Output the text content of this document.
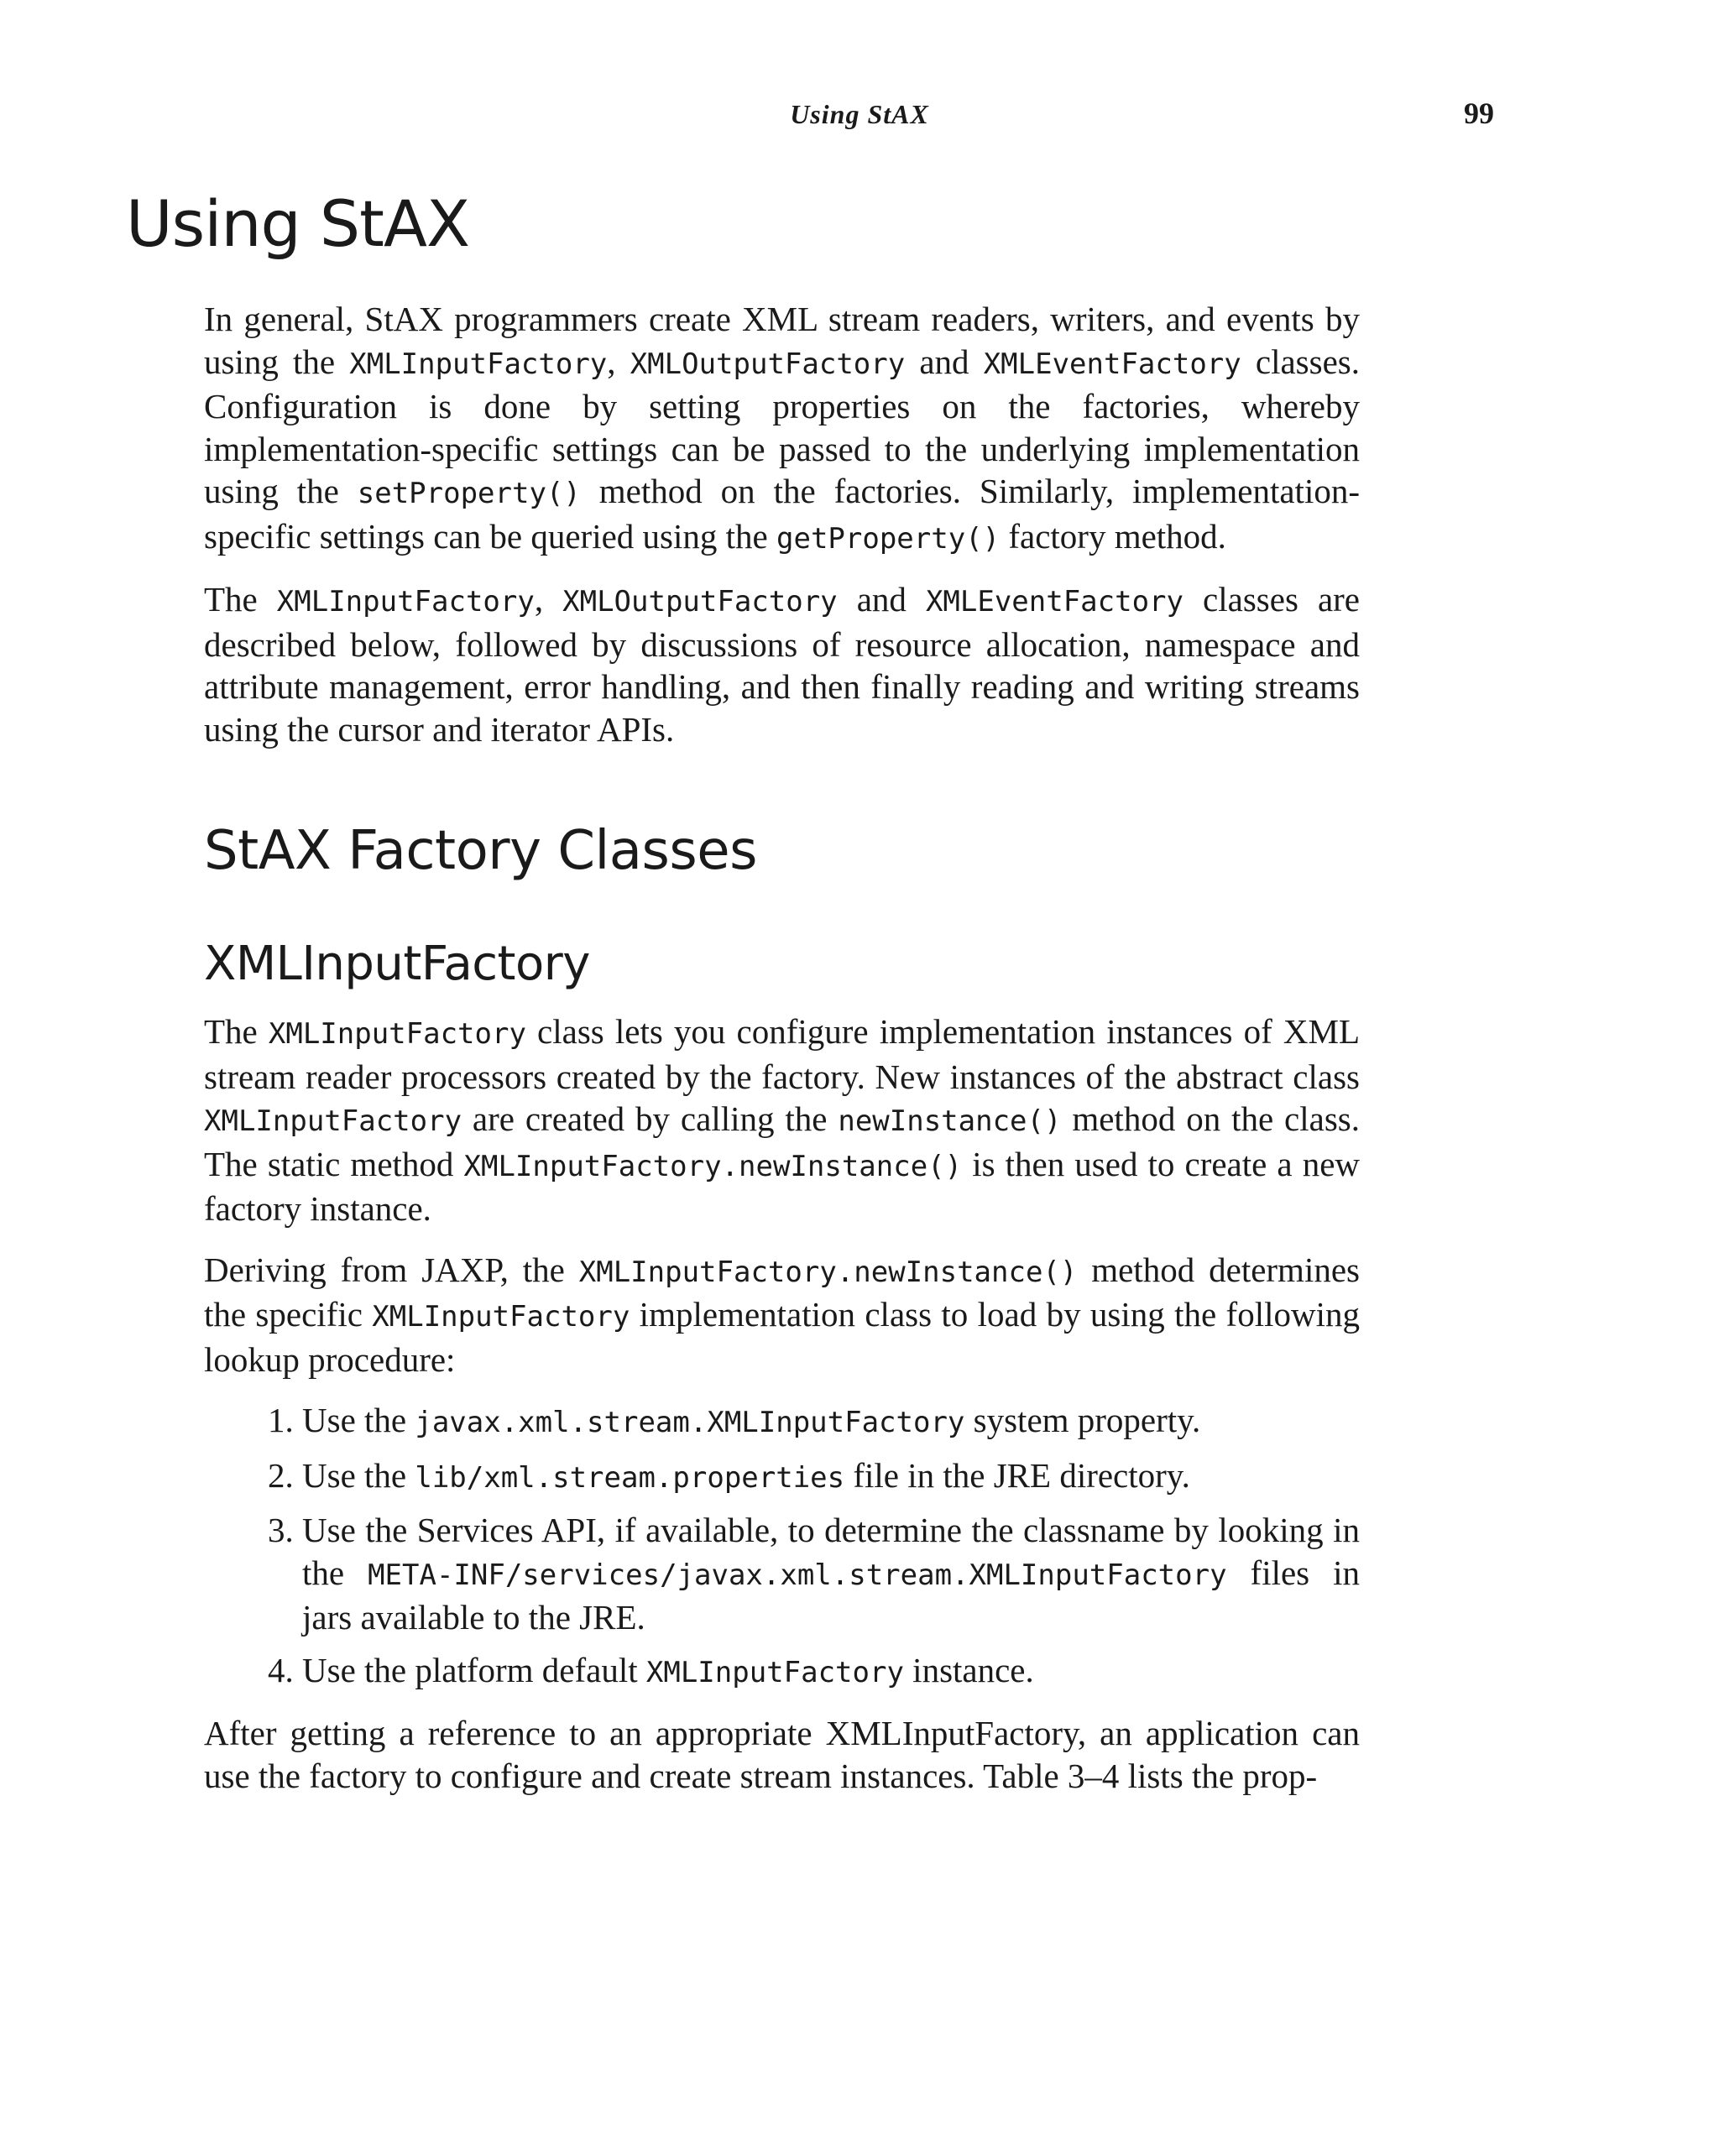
Using StAX	99
Using StAX

In general, StAX programmers create XML stream readers, writers, and events by using the XMLInputFactory, XMLOutputFactory and XMLEventFactory classes. Configuration is done by setting properties on the factories, whereby implementation-specific settings can be passed to the underlying implementation using the setProperty() method on the factories. Similarly, implementation-specific settings can be queried using the getProperty() factory method.

The XMLInputFactory, XMLOutputFactory and XMLEventFactory classes are described below, followed by discussions of resource allocation, namespace and attribute management, error handling, and then finally reading and writing streams using the cursor and iterator APIs.

StAX Factory Classes
XMLInputFactory

The XMLInputFactory class lets you configure implementation instances of XML stream reader processors created by the factory. New instances of the abstract class XMLInputFactory are created by calling the newInstance() method on the class. The static method XMLInputFactory.newInstance() is then used to create a new factory instance.

Deriving from JAXP, the XMLInputFactory.newInstance() method determines the specific XMLInputFactory implementation class to load by using the following lookup procedure:

1. Use the javax.xml.stream.XMLInputFactory system property.
2. Use the lib/xml.stream.properties file in the JRE directory.
3. Use the Services API, if available, to determine the classname by looking in the META-INF/services/javax.xml.stream.XMLInputFactory files in jars available to the JRE.
4. Use the platform default XMLInputFactory instance.

After getting a reference to an appropriate XMLInputFactory, an application can use the factory to configure and create stream instances. Table 3–4 lists the prop-
